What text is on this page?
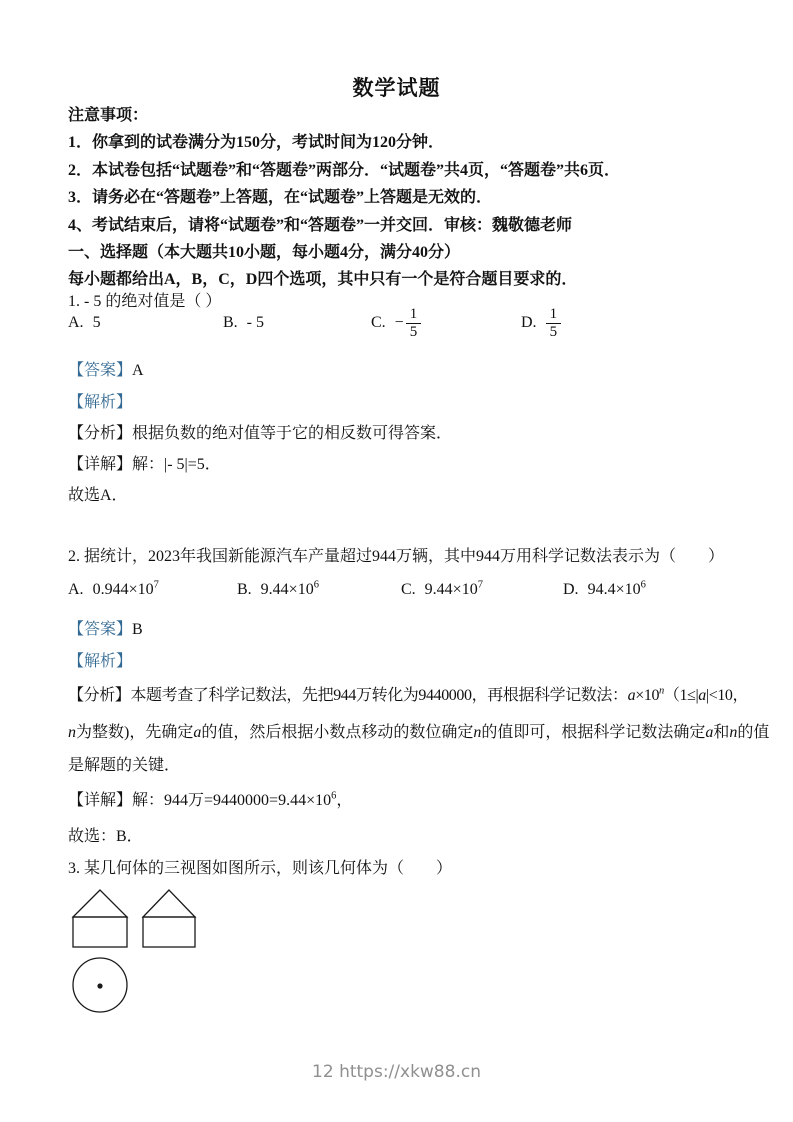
数学试题

注意事项：

1．你拿到的试卷满分为150分，考试时间为120分钟．

2．本试卷包括“试题卷”和“答题卷”两部分．“试题卷”共4页，“答题卷”共6页．

3．请务必在“答题卷”上答题，在“试题卷”上答题是无效的．

4、考试结束后，请将“试题卷”和“答题卷”一并交回．审核：魏敬德老师

一、选择题（本大题共10小题，每小题4分，满分40分）

每小题都给出A，B，C，D四个选项，其中只有一个是符合题目要求的．

1. - 5 的绝对值是（ ）
A. 5	B. - 5	C. − $\frac{1}{5}$	D. $\frac{1}{5}$
【答案】A
【解析】
【分析】根据负数的绝对值等于它的相反数可得答案．
【详解】解：|- 5|=5．
故选A．
2. 据统计，2023年我国新能源汽车产量超过944万辆，其中944万用科学记数法表示为（　　）
A. $0.944\times 10^7$	B. $9.44\times 10^6$	C. $9.44\times 10^7$	D. $94.4\times 10^6$
【答案】B
【解析】
【分析】本题考查了科学记数法，先把944万转化为9440000，再根据科学记数法：$a\times 10^n(1\le|a|<10$，
n为整数)，先确定a的值，然后根据小数点移动的数位确定n的值即可，根据科学记数法确定a和n的值
是解题的关键．
【详解】解：944万$=9440000=9.44\times 10^6$，
故选：B．
3. 某几何体的三视图如图所示，则该几何体为（　　）
12 https://xkw88.cn
